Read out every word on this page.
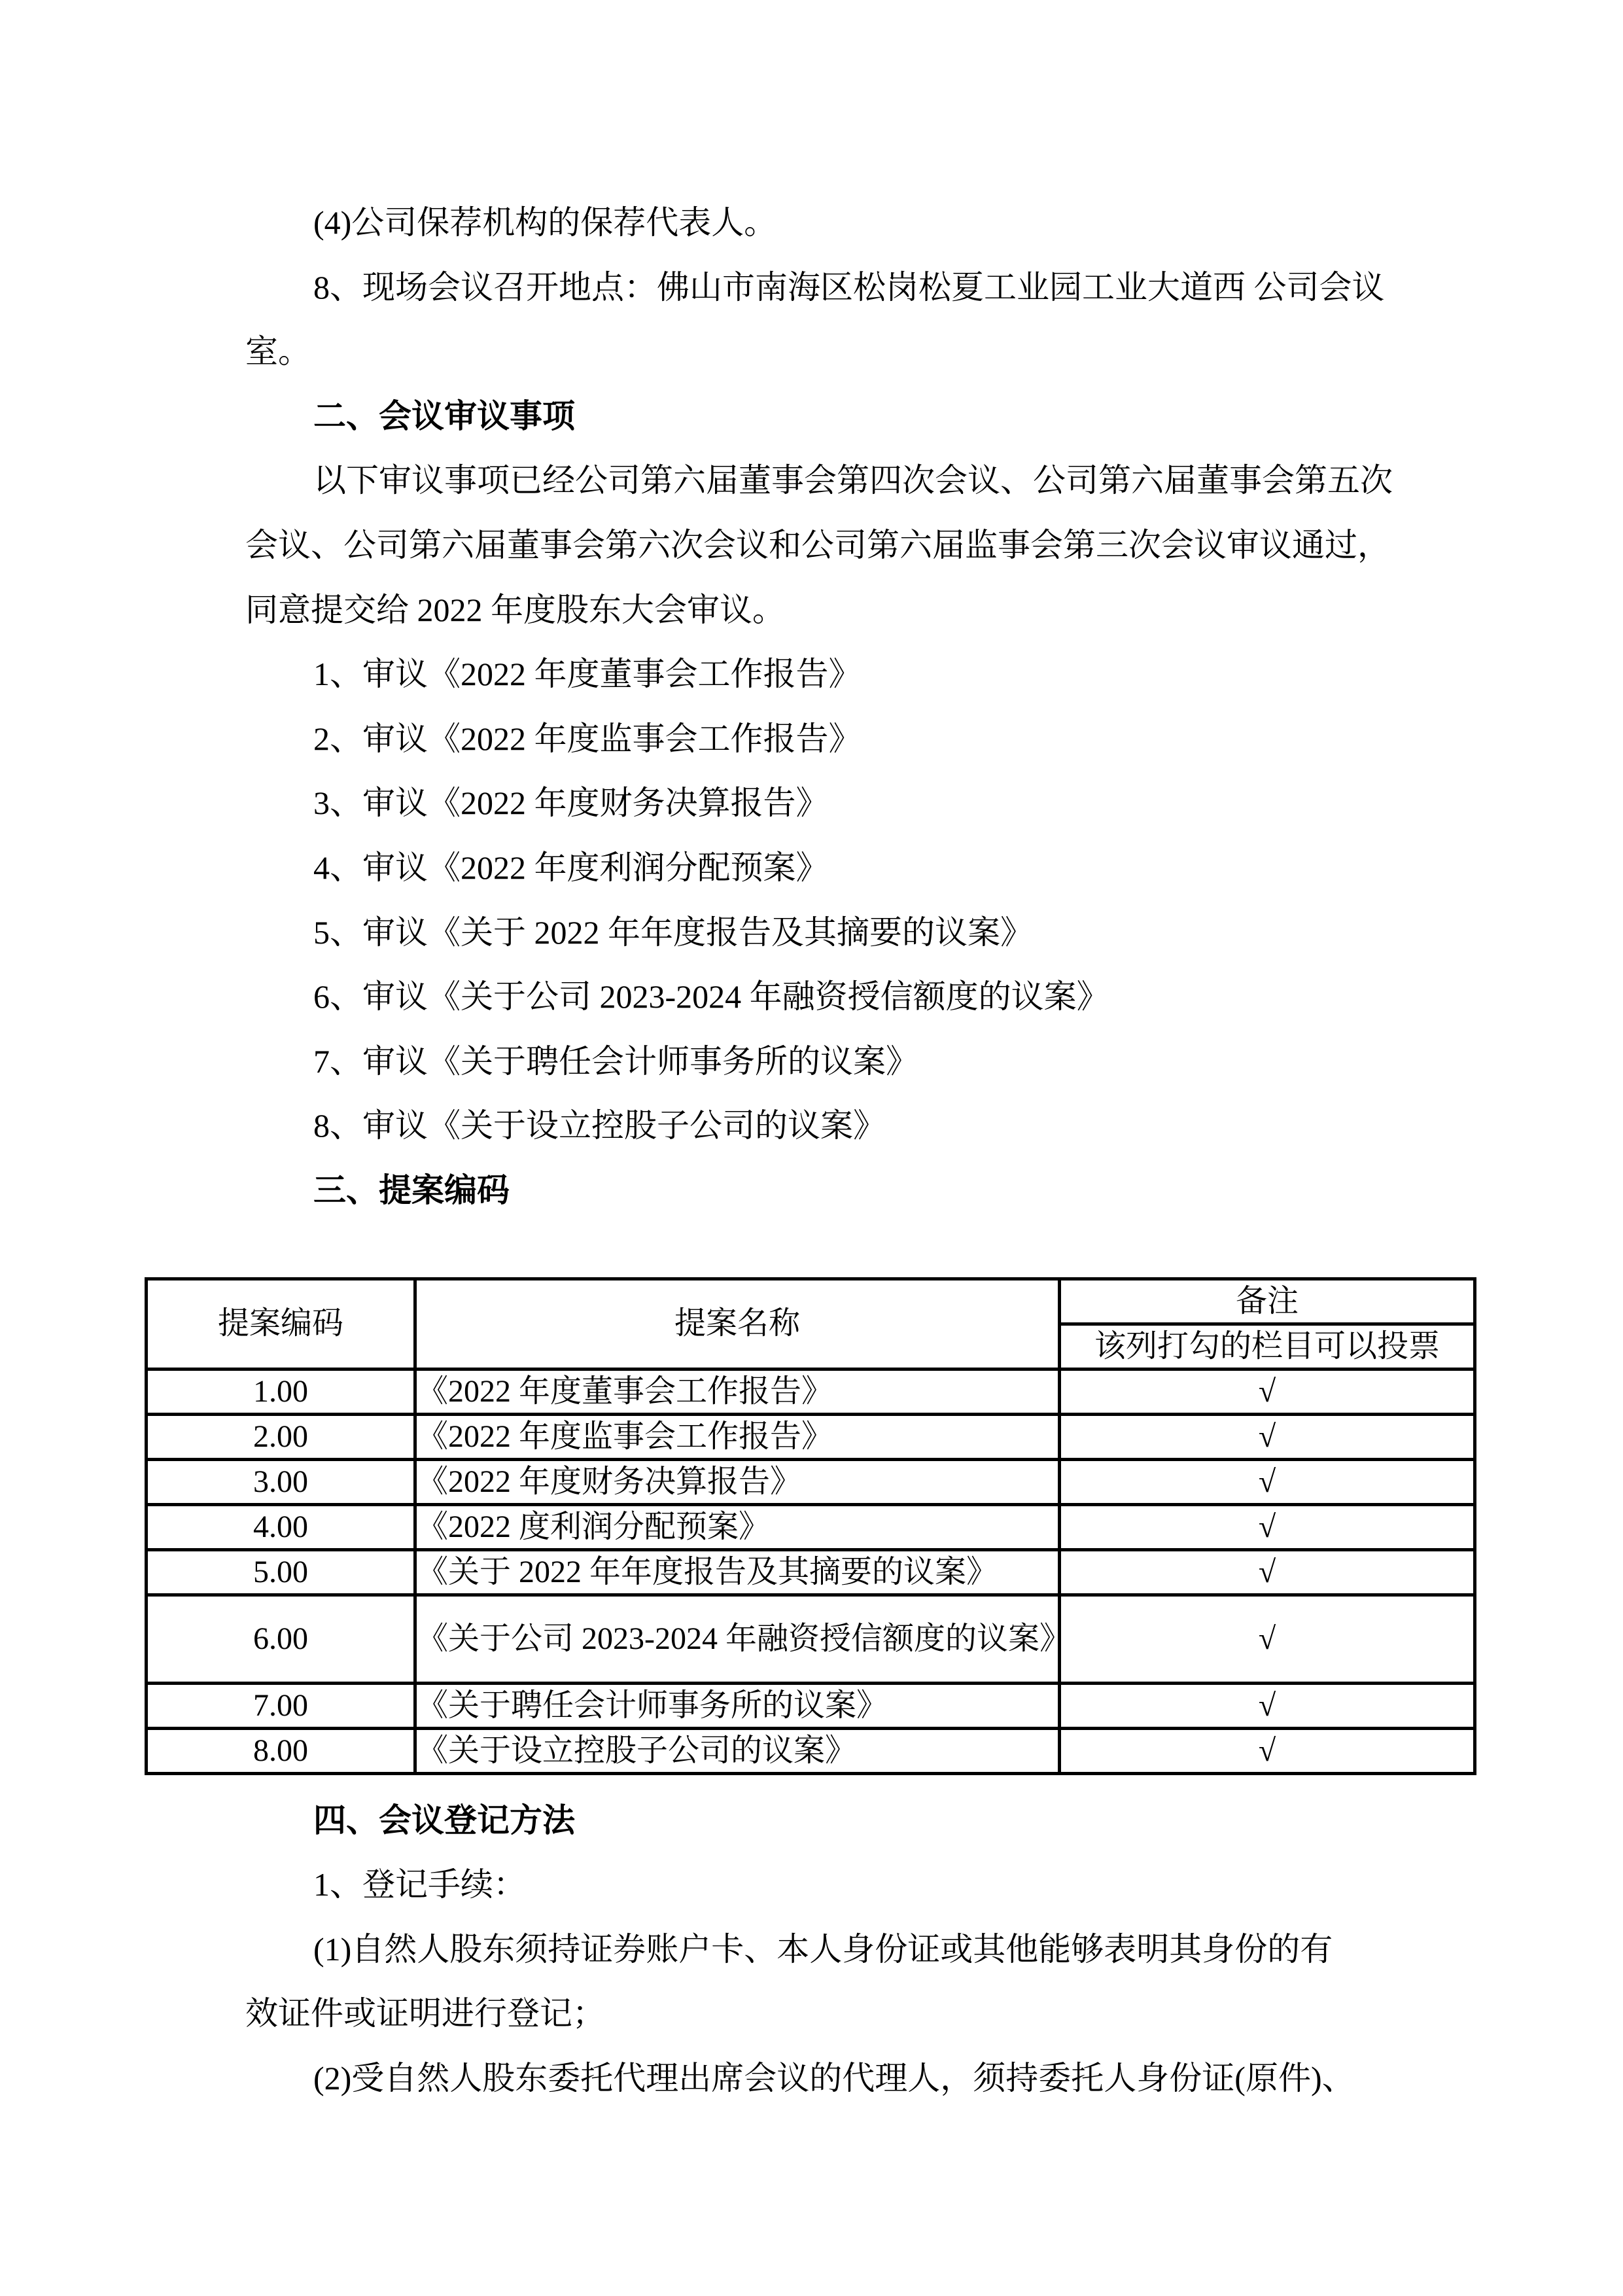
(4)公司保荐机构的保荐代表人。

8、现场会议召开地点：佛山市南海区松岗松夏工业园工业大道西 公司会议

室。

二、会议审议事项

以下审议事项已经公司第六届董事会第四次会议、公司第六届董事会第五次

会议、公司第六届董事会第六次会议和公司第六届监事会第三次会议审议通过，

同意提交给 2022 年度股东大会审议。

1、审议《2022 年度董事会工作报告》

2、审议《2022 年度监事会工作报告》

3、审议《2022 年度财务决算报告》

4、审议《2022 年度利润分配预案》

5、审议《关于 2022 年年度报告及其摘要的议案》

6、审议《关于公司 2023-2024 年融资授信额度的议案》

7、审议《关于聘任会计师事务所的议案》

8、审议《关于设立控股子公司的议案》

三、提案编码

提案编码	提案名称	备注
		该列打勾的栏目可以投票
1.00	《2022 年度董事会工作报告》	√
2.00	《2022 年度监事会工作报告》	√
3.00	《2022 年度财务决算报告》	√
4.00	《2022 度利润分配预案》	√
5.00	《关于 2022 年年度报告及其摘要的议案》	√
6.00	《关于公司 2023-2024 年融资授信额度的议案》	√
7.00	《关于聘任会计师事务所的议案》	√
8.00	《关于设立控股子公司的议案》	√

四、会议登记方法

1、登记手续：

(1)自然人股东须持证券账户卡、本人身份证或其他能够表明其身份的有

效证件或证明进行登记；

(2)受自然人股东委托代理出席会议的代理人，须持委托人身份证(原件)、
